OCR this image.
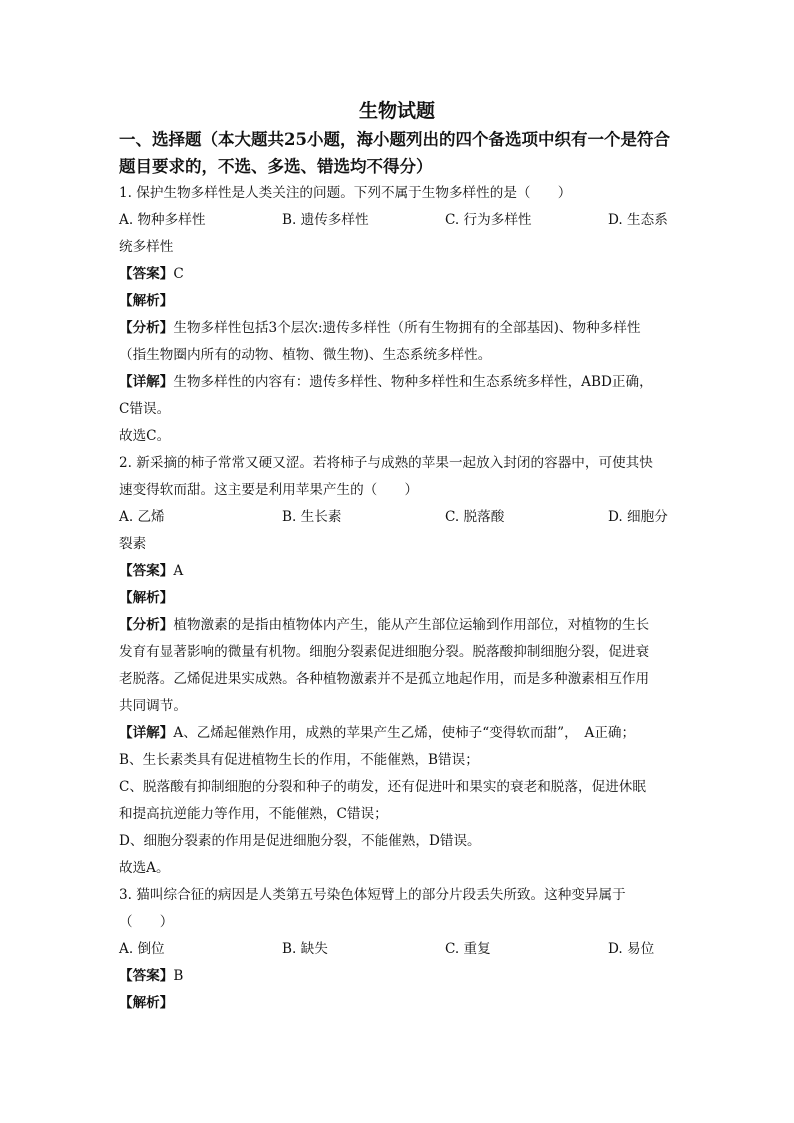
生物试题

一、选择题（本大题共25小题，海小题列出的四个备选项中织有一个是符合题目要求的，不选、多选、错选均不得分）

1. 保护生物多样性是人类关注的问题。下列不属于生物多样性的是（　　）

A. 物种多样性	B. 遗传多样性	C. 行为多样性	D. 生态系

统多样性

【答案】C

【解析】

【分析】生物多样性包括3个层次:遗传多样性（所有生物拥有的全部基因)、物种多样性

（指生物圈内所有的动物、植物、微生物)、生态系统多样性。

【详解】生物多样性的内容有：遗传多样性、物种多样性和生态系统多样性，ABD正确，

C错误。

故选C。

2. 新采摘的柿子常常又硬又涩。若将柿子与成熟的苹果一起放入封闭的容器中，可使其快

速变得软而甜。这主要是利用苹果产生的（　　）

A. 乙烯	B. 生长素	C. 脱落酸	D. 细胞分

裂素

【答案】A

【解析】

【分析】植物激素的是指由植物体内产生，能从产生部位运输到作用部位，对植物的生长

发育有显著影响的微量有机物。细胞分裂素促进细胞分裂。脱落酸抑制细胞分裂，促进衰

老脱落。乙烯促进果实成熟。各种植物激素并不是孤立地起作用，而是多种激素相互作用

共同调节。

【详解】A、乙烯起催熟作用，成熟的苹果产生乙烯，使柿子“变得软而甜”，　A正确；

B、生长素类具有促进植物生长的作用，不能催熟，B错误；

C、脱落酸有抑制细胞的分裂和种子的萌发，还有促进叶和果实的衰老和脱落，促进休眠

和提高抗逆能力等作用，不能催熟，C错误；

D、细胞分裂素的作用是促进细胞分裂，不能催熟，D错误。

故选A。

3. 猫叫综合征的病因是人类第五号染色体短臂上的部分片段丢失所致。这种变异属于

（　　）

A. 倒位	B. 缺失	C. 重复	D. 易位

【答案】B

【解析】
